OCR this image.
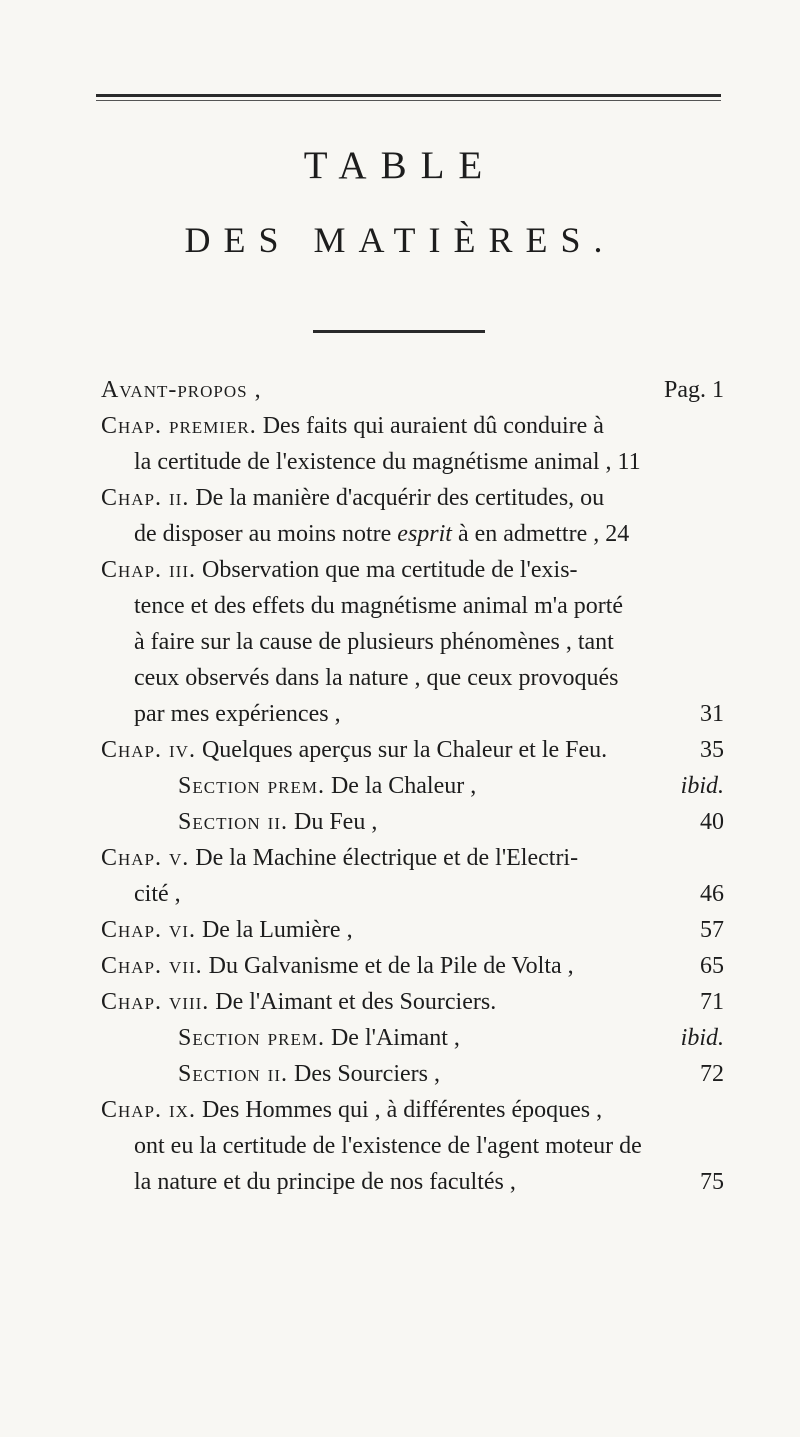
TABLE
DES MATIÈRES.
Avant-propos ,	Pag. 1
Chap. premier. Des faits qui auraient dû conduire à
la certitude de l'existence du magnétisme animal , 11
Chap. ii. De la manière d'acquérir des certitudes, ou
de disposer au moins notre esprit à en admettre , 24
Chap. iii. Observation que ma certitude de l'exis-
tence et des effets du magnétisme animal m'a porté
à faire sur la cause de plusieurs phénomènes , tant
ceux observés dans la nature , que ceux provoqués
par mes expériences ,	31
Chap. iv. Quelques aperçus sur la Chaleur et le Feu.	35
Section prem. De la Chaleur ,	ibid.
Section ii. Du Feu ,	40
Chap. v. De la Machine électrique et de l'Electri-
cité ,	46
Chap. vi. De la Lumière ,	57
Chap. vii. Du Galvanisme et de la Pile de Volta ,	65
Chap. viii. De l'Aimant et des Sourciers.	71
Section prem. De l'Aimant ,	ibid.
Section ii. Des Sourciers ,	72
Chap. ix. Des Hommes qui , à différentes époques ,
ont eu la certitude de l'existence de l'agent moteur de
la nature et du principe de nos facultés ,	75
